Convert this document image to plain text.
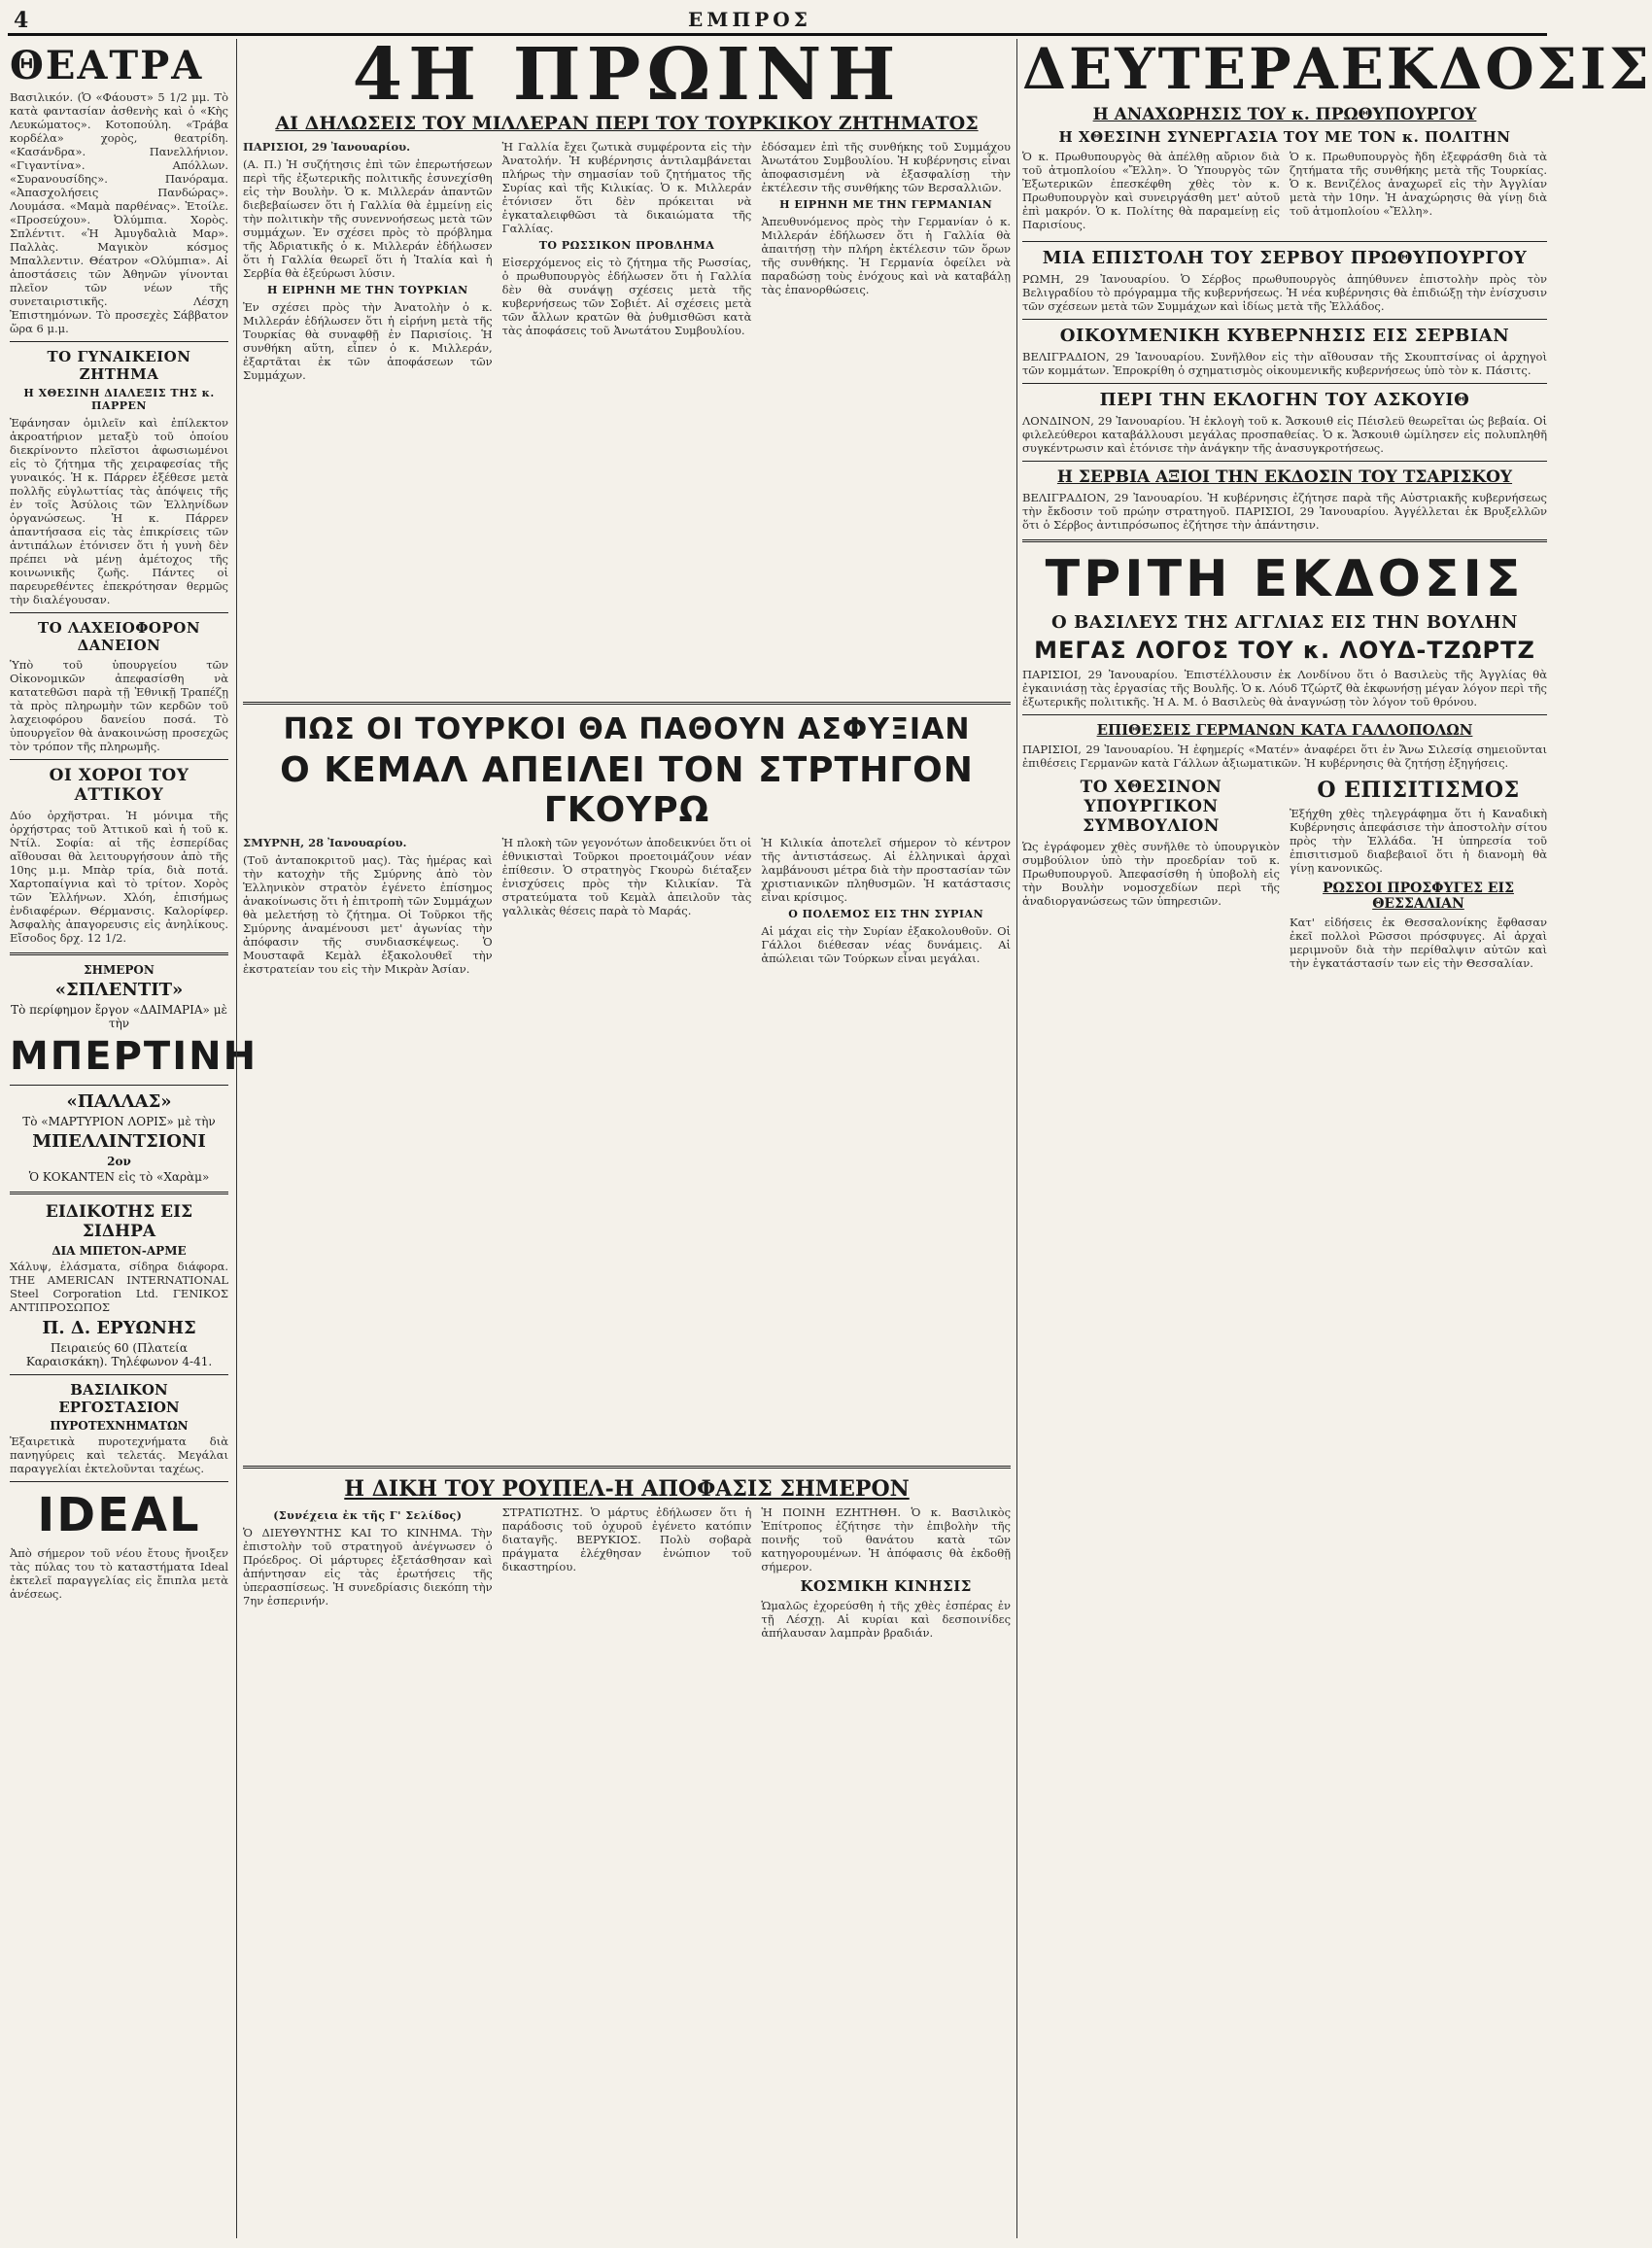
4	ΕΜΠΡΟΣ
ΘΕΑΤΡΑ

Βασιλικόν. (Ὁ «Φάουστ» 5 1/2 μμ. Τὸ κατὰ φαντασίαν ἀσθενὴς καὶ ὁ «Κὴς Λευκώματος». Κοτοπούλη. «Τράβα κορδέλα» χορὸς, θεατρίδη. «Κασάνδρα». Πανελλήνιον. «Γιγαντίνα». Απόλλων. «Συρανουσίδης». Πανόραμα. «Ἀπασχολήσεις Πανδώρας». Λουμάσα. «Μαμὰ παρθένας». Ἐτοίλε. «Προσεύχου». Ὀλύμπια. Χορὸς. Σπλέντιτ. «Ἡ Ἀμυγδαλιὰ Μαρ». Παλλὰς. Μαγικὸν κόσμος Μπαλλεντιν. Θέατρον «Ολύμπια». Αἱ ἀποστάσεις τῶν Ἀθηνῶν γίνονται πλεῖον τῶν νέων τῆς συνεταιριστικῆς. Λέσχη Ἐπιστημόνων. Τὸ προσεχὲς Σάββατον ὥρα 6 μ.μ.

ΤΟ ΓΥΝΑΙΚΕΙΟΝ ΖΗΤΗΜΑ
Η ΧΘΕΣΙΝΗ ΔΙΑΛΕΞΙΣ ΤΗΣ κ. ΠΑΡΡΕΝ

Ἐφάνησαν ὁμιλεῖν καὶ ἐπίλεκτον ἀκροατήριον μεταξὺ τοῦ ὁποίου διεκρίνοντο πλεῖστοι ἀφωσιωμένοι εἰς τὸ ζήτημα τῆς χειραφεσίας τῆς γυναικός. Ἡ κ. Πάρρεν ἐξέθεσε μετὰ πολλῆς εὐγλωττίας τὰς ἀπόψεις τῆς ἐν τοῖς Ἀσύλοις τῶν Ἑλληνίδων ὀργανώσεως. Ἡ κ. Πάρρεν ἀπαντήσασα εἰς τὰς ἐπικρίσεις τῶν ἀντιπάλων ἐτόνισεν ὅτι ἡ γυνὴ δὲν πρέπει νὰ μένῃ ἀμέτοχος τῆς κοινωνικῆς ζωῆς. Πάντες οἱ παρευρεθέντες ἐπεκρότησαν θερμῶς τὴν διαλέγουσαν.

ΤΟ ΛΑΧΕΙΟΦΟΡΟΝ ΔΑΝΕΙΟΝ

Ὑπὸ τοῦ ὑπουργείου τῶν Οἰκονομικῶν ἀπεφασίσθη νὰ κατατεθῶσι παρὰ τῇ Ἐθνικῇ Τραπέζῃ τὰ πρὸς πληρωμὴν τῶν κερδῶν τοῦ λαχειοφόρου δανείου ποσά. Τὸ ὑπουργεῖον θὰ ἀνακοινώσῃ προσεχῶς τὸν τρόπον τῆς πληρωμῆς.

ΟΙ ΧΟΡΟΙ ΤΟΥ ΑΤΤΙΚΟΥ

Δύο ὀρχῆστραι. Ἡ μόνιμα τῆς ὀρχήστρας τοῦ Ἀττικοῦ καὶ ἡ τοῦ κ. Ντίλ. Σοφία: αἱ τῆς ἐσπερίδας αἴθουσαι θὰ λειτουργήσουν ἀπὸ τῆς 10ης μ.μ. Μπὰρ τρία, διὰ ποτά. Χαρτοπαίγνια καὶ τὸ τρίτον. Χορὸς τῶν Ἑλλήνων. Χλόη, ἐπισήμως ἐνδιαφέρων. Θέρμανσις. Καλορίφερ. Ἀσφαλὴς ἀπαγορευσις εἰς ἀνηλίκους. Εἴσοδος δρχ. 12 1/2.

ΣΗΜΕΡΟΝ
«ΣΠΛΕΝΤΙΤ»
Τὸ περίφημον ἔργον «ΔΑΙΜΑΡΙΑ» μὲ τὴν
ΜΠΕΡΤΙΝΗ
«ΠΑΛΛΑΣ»
Τὸ «ΜΑΡΤΥΡΙΟΝ ΛΟΡΙΣ» μὲ τὴν
ΜΠΕΛΛΙΝΤΣΙΟΝΙ
2ον
Ὁ ΚΟΚΑΝΤΕΝ εἰς τὸ «Χαρὰμ»
ΕΙΔΙΚΟΤΗΣ ΕΙΣ ΣΙΔΗΡΑ
ΔΙΑ ΜΠΕΤΟΝ-ΑΡΜΕ

Χάλυψ, ἐλάσματα, σίδηρα διάφορα. THE AMERICAN INTERNATIONAL Steel Corporation Ltd. ΓΕΝΙΚΟΣ ΑΝΤΙΠΡΟΣΩΠΟΣ

Π. Δ. ΕΡΥΩΝΗΣ
Πειραιεύς 60 (Πλατεία Καραισκάκη). Τηλέφωνον 4-41.
ΒΑΣΙΛΙΚΟΝ ΕΡΓΟΣΤΑΣΙΟΝ
ΠΥΡΟΤΕΧΝΗΜΑΤΩΝ

Ἐξαιρετικὰ πυροτεχνήματα διὰ πανηγύρεις καὶ τελετάς. Μεγάλαι παραγγελίαι ἐκτελοῦνται ταχέως.

IDEAL

Ἀπὸ σήμερον τοῦ νέου ἔτους ἤνοιξεν τὰς πύλας του τὸ καταστήματα Ideal ἐκτελεῖ παραγγελίας εἰς ἔπιπλα μετὰ ἀνέσεως.

4Η ΠΡΩΙΝΗ
ΑΙ ΔΗΛΩΣΕΙΣ ΤΟΥ ΜΙΛΛΕΡΑΝ ΠΕΡΙ ΤΟΥ ΤΟΥΡΚΙΚΟΥ ΖΗΤΗΜΑΤΟΣ

ΠΑΡΙΣΙΟΙ, 29 Ἰανουαρίου.

(Α. Π.) Ἡ συζήτησις ἐπὶ τῶν ἐπερωτήσεων περὶ τῆς ἐξωτερικῆς πολιτικῆς ἐσυνεχίσθη εἰς τὴν Βουλὴν. Ὁ κ. Μιλλεράν ἀπαντῶν διεβεβαίωσεν ὅτι ἡ Γαλλία θὰ ἐμμείνῃ εἰς τὴν πολιτικὴν τῆς συνεννοήσεως μετὰ τῶν συμμάχων. Ἐν σχέσει πρὸς τὸ πρόβλημα τῆς Ἀδριατικῆς ὁ κ. Μιλλεράν ἐδήλωσεν ὅτι ἡ Γαλλία θεωρεῖ ὅτι ἡ Ἰταλία καὶ ἡ Σερβία θὰ ἐξεύρωσι λύσιν.

Η ΕΙΡΗΝΗ ΜΕ ΤΗΝ ΤΟΥΡΚΙΑΝ

Ἐν σχέσει πρὸς τὴν Ἀνατολὴν ὁ κ. Μιλλεράν ἐδήλωσεν ὅτι ἡ εἰρήνη μετὰ τῆς Τουρκίας θὰ συναφθῇ ἐν Παρισίοις. Ἡ συνθήκη αὕτη, εἶπεν ὁ κ. Μιλλεράν, ἐξαρτᾶται ἐκ τῶν ἀποφάσεων τῶν Συμμάχων.

Ἡ Γαλλία ἔχει ζωτικὰ συμφέροντα εἰς τὴν Ἀνατολήν. Ἡ κυβέρνησις ἀντιλαμβάνεται πλήρως τὴν σημασίαν τοῦ ζητήματος τῆς Συρίας καὶ τῆς Κιλικίας. Ὁ κ. Μιλλεράν ἐτόνισεν ὅτι δὲν πρόκειται νὰ ἐγκαταλειφθῶσι τὰ δικαιώματα τῆς Γαλλίας.

ΤΟ ΡΩΣΣΙΚΟΝ ΠΡΟΒΛΗΜΑ

Εἰσερχόμενος εἰς τὸ ζήτημα τῆς Ρωσσίας, ὁ πρωθυπουργὸς ἐδήλωσεν ὅτι ἡ Γαλλία δὲν θὰ συνάψῃ σχέσεις μετὰ τῆς κυβερνήσεως τῶν Σοβιέτ. Αἱ σχέσεις μετὰ τῶν ἄλλων κρατῶν θὰ ῥυθμισθῶσι κατὰ τὰς ἀποφάσεις τοῦ Ἀνωτάτου Συμβουλίου.

ἐδόσαμεν ἐπὶ τῆς συνθήκης τοῦ Συμμάχου Ἀνωτάτου Συμβουλίου. Ἡ κυβέρνησις εἶναι ἀποφασισμένη νὰ ἐξασφαλίσῃ τὴν ἐκτέλεσιν τῆς συνθήκης τῶν Βερσαλλιῶν.

Η ΕΙΡΗΝΗ ΜΕ ΤΗΝ ΓΕΡΜΑΝΙΑΝ

Ἀπευθυνόμενος πρὸς τὴν Γερμανίαν ὁ κ. Μιλλεράν ἐδήλωσεν ὅτι ἡ Γαλλία θὰ ἀπαιτήσῃ τὴν πλήρη ἐκτέλεσιν τῶν ὅρων τῆς συνθήκης. Ἡ Γερμανία ὀφείλει νὰ παραδώσῃ τοὺς ἐνόχους καὶ νὰ καταβάλῃ τὰς ἐπανορθώσεις.

ΠΩΣ ΟΙ ΤΟΥΡΚΟΙ ΘΑ ΠΑΘΟΥΝ ΑΣΦΥΞΙΑΝ
Ο ΚΕΜΑΛ ΑΠΕΙΛΕΙ ΤΟΝ ΣΤΡΤΗΓΟΝ ΓΚΟΥΡΩ

ΣΜΥΡΝΗ, 28 Ἰανουαρίου.

(Τοῦ ἀνταποκριτοῦ μας). Τὰς ἡμέρας καὶ τὴν κατοχὴν τῆς Σμύρνης ἀπὸ τὸν Ἑλληνικὸν στρατὸν ἐγένετο ἐπίσημος ἀνακοίνωσις ὅτι ἡ ἐπιτροπὴ τῶν Συμμάχων θὰ μελετήσῃ τὸ ζήτημα. Οἱ Τοῦρκοι τῆς Σμύρνης ἀναμένουσι μετ' ἀγωνίας τὴν ἀπόφασιν τῆς συνδιασκέψεως. Ὁ Μουσταφᾶ Κεμὰλ ἐξακολουθεῖ τὴν ἐκστρατείαν του εἰς τὴν Μικρὰν Ἀσίαν.

Ἡ πλοκὴ τῶν γεγονότων ἀποδεικνύει ὅτι οἱ ἐθνικισταὶ Τοῦρκοι προετοιμάζουν νέαν ἐπίθεσιν. Ὁ στρατηγὸς Γκουρὼ διέταξεν ἐνισχύσεις πρὸς τὴν Κιλικίαν. Τὰ στρατεύματα τοῦ Κεμὰλ ἀπειλοῦν τὰς γαλλικὰς θέσεις παρὰ τὸ Μαράς.

Ἡ Κιλικία ἀποτελεῖ σήμερον τὸ κέντρον τῆς ἀντιστάσεως. Αἱ ἑλληνικαὶ ἀρχαὶ λαμβάνουσι μέτρα διὰ τὴν προστασίαν τῶν χριστιανικῶν πληθυσμῶν. Ἡ κατάστασις εἶναι κρίσιμος.

Ο ΠΟΛΕΜΟΣ ΕΙΣ ΤΗΝ ΣΥΡΙΑΝ

Αἱ μάχαι εἰς τὴν Συρίαν ἐξακολουθοῦν. Οἱ Γάλλοι διέθεσαν νέας δυνάμεις. Αἱ ἀπώλειαι τῶν Τούρκων εἶναι μεγάλαι.

Η ΔΙΚΗ ΤΟΥ ΡΟΥΠΕΛ-Η ΑΠΟΦΑΣΙΣ ΣΗΜΕΡΟΝ
(Συνέχεια ἐκ τῆς Γ' Σελίδος)

Ὁ ΔΙΕΥΘΥΝΤΗΣ ΚΑΙ ΤΟ ΚΙΝΗΜΑ. Τὴν ἐπιστολὴν τοῦ στρατηγοῦ ἀνέγνωσεν ὁ Πρόεδρος. Οἱ μάρτυρες ἐξετάσθησαν καὶ ἀπήντησαν εἰς τὰς ἐρωτήσεις τῆς ὑπερασπίσεως. Ἡ συνεδρίασις διεκόπη τὴν 7ην ἑσπερινήν.

ΣΤΡΑΤΙΩΤΗΣ. Ὁ μάρτυς ἐδήλωσεν ὅτι ἡ παράδοσις τοῦ ὀχυροῦ ἐγένετο κατόπιν διαταγῆς. ΒΕΡΥΚΙΟΣ. Πολὺ σοβαρὰ πράγματα ἐλέχθησαν ἐνώπιον τοῦ δικαστηρίου.

Ἡ ΠΟΙΝΗ ΕΖΗΤΗΘΗ. Ὁ κ. Βασιλικὸς Ἐπίτροπος ἐζήτησε τὴν ἐπιβολὴν τῆς ποινῆς τοῦ θανάτου κατὰ τῶν κατηγορουμένων. Ἡ ἀπόφασις θὰ ἐκδοθῇ σήμερον.

ΚΟΣΜΙΚΗ ΚΙΝΗΣΙΣ

Ὡμαλῶς ἐχορεύσθη ἡ τῆς χθὲς ἑσπέρας ἐν τῇ Λέσχῃ. Αἱ κυρίαι καὶ δεσποινίδες ἀπήλαυσαν λαμπρὰν βραδιάν.

ΔΕΥΤΕΡΑΕΚΔΟΣΙΣ
Η ΑΝΑΧΩΡΗΣΙΣ ΤΟΥ κ. ΠΡΩΘΥΠΟΥΡΓΟΥ
Η ΧΘΕΣΙΝΗ ΣΥΝΕΡΓΑΣΙΑ ΤΟΥ ΜΕ ΤΟΝ κ. ΠΟΛΙΤΗΝ

Ὁ κ. Πρωθυπουργὸς θὰ ἀπέλθῃ αὔριον διὰ τοῦ ἀτμοπλοίου «Ἔλλη». Ὁ Ὑπουργὸς τῶν Ἐξωτερικῶν ἐπεσκέφθη χθὲς τὸν κ. Πρωθυπουργὸν καὶ συνειργάσθη μετ' αὐτοῦ ἐπὶ μακρόν. Ὁ κ. Πολίτης θὰ παραμείνῃ εἰς Παρισίους.

Ὁ κ. Πρωθυπουργὸς ἤδη ἐξεφράσθη διὰ τὰ ζητήματα τῆς συνθήκης μετὰ τῆς Τουρκίας. Ὁ κ. Βενιζέλος ἀναχωρεῖ εἰς τὴν Ἀγγλίαν μετὰ τὴν 10ην. Ἡ ἀναχώρησις θὰ γίνῃ διὰ τοῦ ἀτμοπλοίου «Ἔλλη».

ΜΙΑ ΕΠΙΣΤΟΛΗ ΤΟΥ ΣΕΡΒΟΥ ΠΡΩΘΥΠΟΥΡΓΟΥ

ΡΩΜΗ, 29 Ἰανουαρίου. Ὁ Σέρβος πρωθυπουργὸς ἀπηύθυνεν ἐπιστολὴν πρὸς τὸν Βελιγραδίου τὸ πρόγραμμα τῆς κυβερνήσεως. Ἡ νέα κυβέρνησις θὰ ἐπιδιώξῃ τὴν ἐνίσχυσιν τῶν σχέσεων μετὰ τῶν Συμμάχων καὶ ἰδίως μετὰ τῆς Ἑλλάδος.

ΟΙΚΟΥΜΕΝΙΚΗ ΚΥΒΕΡΝΗΣΙΣ ΕΙΣ ΣΕΡΒΙΑΝ

ΒΕΛΙΓΡΑΔΙΟΝ, 29 Ἰανουαρίου. Συνῆλθον εἰς τὴν αἴθουσαν τῆς Σκουπτσίνας οἱ ἀρχηγοὶ τῶν κομμάτων. Ἐπροκρίθη ὁ σχηματισμὸς οἰκουμενικῆς κυβερνήσεως ὑπὸ τὸν κ. Πάσιτς.

ΠΕΡΙ ΤΗΝ ΕΚΛΟΓΗΝ ΤΟΥ ΑΣΚΟΥΙΘ

ΛΟΝΔΙΝΟΝ, 29 Ἰανουαρίου. Ἡ ἐκλογὴ τοῦ κ. Ἄσκουιθ εἰς Πέισλεϋ θεωρεῖται ὡς βεβαία. Οἱ φιλελεύθεροι καταβάλλουσι μεγάλας προσπαθείας. Ὁ κ. Ἄσκουιθ ὡμίλησεν εἰς πολυπληθῆ συγκέντρωσιν καὶ ἐτόνισε τὴν ἀνάγκην τῆς ἀνασυγκροτήσεως.

Η ΣΕΡΒΙΑ ΑΞΙΟΙ ΤΗΝ ΕΚΔΟΣΙΝ ΤΟΥ ΤΣΑΡΙΣΚΟΥ

ΒΕΛΙΓΡΑΔΙΟΝ, 29 Ἰανουαρίου. Ἡ κυβέρνησις ἐζήτησε παρὰ τῆς Αὐστριακῆς κυβερνήσεως τὴν ἔκδοσιν τοῦ πρώην στρατηγοῦ. ΠΑΡΙΣΙΟΙ, 29 Ἰανουαρίου. Ἀγγέλλεται ἐκ Βρυξελλῶν ὅτι ὁ Σέρβος ἀντιπρόσωπος ἐζήτησε τὴν ἀπάντησιν.

ΤΡΙΤΗ ΕΚΔΟΣΙΣ
Ο ΒΑΣΙΛΕΥΣ ΤΗΣ ΑΓΓΛΙΑΣ ΕΙΣ ΤΗΝ ΒΟΥΛΗΝ
ΜΕΓΑΣ ΛΟΓΟΣ ΤΟΥ κ. ΛΟΥΔ-ΤΖΩΡΤΖ

ΠΑΡΙΣΙΟΙ, 29 Ἰανουαρίου. Ἐπιστέλλουσιν ἐκ Λονδίνου ὅτι ὁ Βασιλεὺς τῆς Ἀγγλίας θὰ ἐγκαινιάσῃ τὰς ἐργασίας τῆς Βουλῆς. Ὁ κ. Λόυδ Τζώρτζ θὰ ἐκφωνήσῃ μέγαν λόγον περὶ τῆς ἐξωτερικῆς πολιτικῆς. Ἡ Α. Μ. ὁ Βασιλεὺς θὰ ἀναγνώσῃ τὸν λόγον τοῦ θρόνου.

ΕΠΙΘΕΣΕΙΣ ΓΕΡΜΑΝΩΝ ΚΑΤΑ ΓΑΛΛΟΠΟΛΩΝ

ΠΑΡΙΣΙΟΙ, 29 Ἰανουαρίου. Ἡ ἐφημερίς «Ματέν» ἀναφέρει ὅτι ἐν Ἄνω Σιλεσίᾳ σημειοῦνται ἐπιθέσεις Γερμανῶν κατὰ Γάλλων ἀξιωματικῶν. Ἡ κυβέρνησις θὰ ζητήσῃ ἐξηγήσεις.

ΤΟ ΧΘΕΣΙΝΟΝ ΥΠΟΥΡΓΙΚΟΝ ΣΥΜΒΟΥΛΙΟΝ

Ὡς ἐγράφομεν χθὲς συνῆλθε τὸ ὑπουργικὸν συμβούλιον ὑπὸ τὴν προεδρίαν τοῦ κ. Πρωθυπουργοῦ. Ἀπεφασίσθη ἡ ὑποβολὴ εἰς τὴν Βουλὴν νομοσχεδίων περὶ τῆς ἀναδιοργανώσεως τῶν ὑπηρεσιῶν.

Ο ΕΠΙΣΙΤΙΣΜΟΣ

Ἐξήχθη χθὲς τηλεγράφημα ὅτι ἡ Καναδικὴ Κυβέρνησις ἀπεφάσισε τὴν ἀποστολὴν σίτου πρὸς τὴν Ἑλλάδα. Ἡ ὑπηρεσία τοῦ ἐπισιτισμοῦ διαβεβαιοῖ ὅτι ἡ διανομὴ θὰ γίνῃ κανονικῶς.

ΡΩΣΣΟΙ ΠΡΟΣΦΥΓΕΣ ΕΙΣ ΘΕΣΣΑΛΙΑΝ

Κατ' εἰδήσεις ἐκ Θεσσαλονίκης ἔφθασαν ἐκεῖ πολλοὶ Ρῶσσοι πρόσφυγες. Αἱ ἀρχαὶ μεριμνοῦν διὰ τὴν περίθαλψιν αὐτῶν καὶ τὴν ἐγκατάστασίν των εἰς τὴν Θεσσαλίαν.
